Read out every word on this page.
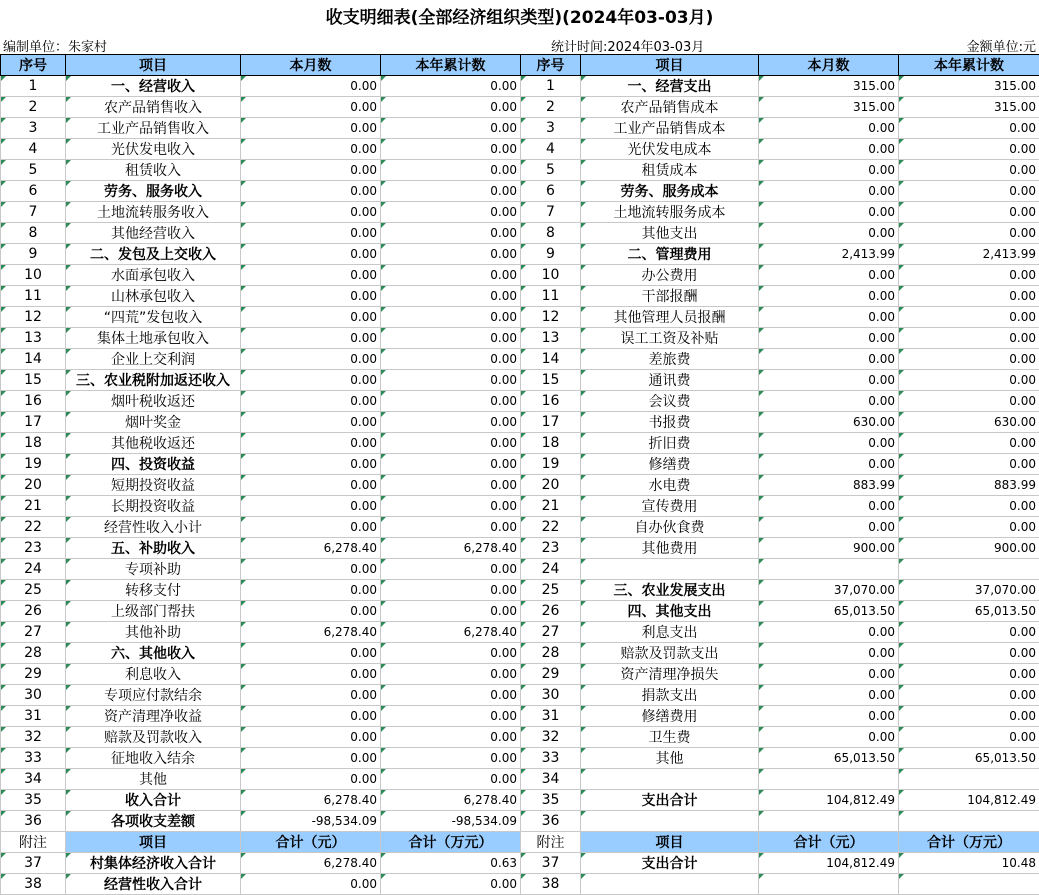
收支明细表(全部经济组织类型)(2024年03-03月)
编制单位：朱家村	统计时间:2024年03-03月	金额单位:元
序号	项目	本月数	本年累计数	序号	项目	本月数	本年累计数
1	一、经营收入	0.00	0.00	1	一、经营支出	315.00	315.00
2	农产品销售收入	0.00	0.00	2	农产品销售成本	315.00	315.00
3	工业产品销售收入	0.00	0.00	3	工业产品销售成本	0.00	0.00
4	光伏发电收入	0.00	0.00	4	光伏发电成本	0.00	0.00
5	租赁收入	0.00	0.00	5	租赁成本	0.00	0.00
6	劳务、服务收入	0.00	0.00	6	劳务、服务成本	0.00	0.00
7	土地流转服务收入	0.00	0.00	7	土地流转服务成本	0.00	0.00
8	其他经营收入	0.00	0.00	8	其他支出	0.00	0.00
9	二、发包及上交收入	0.00	0.00	9	二、管理费用	2,413.99	2,413.99
10	水面承包收入	0.00	0.00	10	办公费用	0.00	0.00
11	山林承包收入	0.00	0.00	11	干部报酬	0.00	0.00
12	“四荒”发包收入	0.00	0.00	12	其他管理人员报酬	0.00	0.00
13	集体土地承包收入	0.00	0.00	13	误工工资及补贴	0.00	0.00
14	企业上交利润	0.00	0.00	14	差旅费	0.00	0.00
15	三、农业税附加返还收入	0.00	0.00	15	通讯费	0.00	0.00
16	烟叶税收返还	0.00	0.00	16	会议费	0.00	0.00
17	烟叶奖金	0.00	0.00	17	书报费	630.00	630.00
18	其他税收返还	0.00	0.00	18	折旧费	0.00	0.00
19	四、投资收益	0.00	0.00	19	修缮费	0.00	0.00
20	短期投资收益	0.00	0.00	20	水电费	883.99	883.99
21	长期投资收益	0.00	0.00	21	宣传费用	0.00	0.00
22	经营性收入小计	0.00	0.00	22	自办伙食费	0.00	0.00
23	五、补助收入	6,278.40	6,278.40	23	其他费用	900.00	900.00
24	专项补助	0.00	0.00	24			
25	转移支付	0.00	0.00	25	三、农业发展支出	37,070.00	37,070.00
26	上级部门帮扶	0.00	0.00	26	四、其他支出	65,013.50	65,013.50
27	其他补助	6,278.40	6,278.40	27	利息支出	0.00	0.00
28	六、其他收入	0.00	0.00	28	赔款及罚款支出	0.00	0.00
29	利息收入	0.00	0.00	29	资产清理净损失	0.00	0.00
30	专项应付款结余	0.00	0.00	30	捐款支出	0.00	0.00
31	资产清理净收益	0.00	0.00	31	修缮费用	0.00	0.00
32	赔款及罚款收入	0.00	0.00	32	卫生费	0.00	0.00
33	征地收入结余	0.00	0.00	33	其他	65,013.50	65,013.50
34	其他	0.00	0.00	34			
35	收入合计	6,278.40	6,278.40	35	支出合计	104,812.49	104,812.49
36	各项收支差额	-98,534.09	-98,534.09	36			
附注	项目	合计（元）	合计（万元）	附注	项目	合计（元）	合计（万元）
37	村集体经济收入合计	6,278.40	0.63	37	支出合计	104,812.49	10.48
38	经营性收入合计	0.00	0.00	38			
